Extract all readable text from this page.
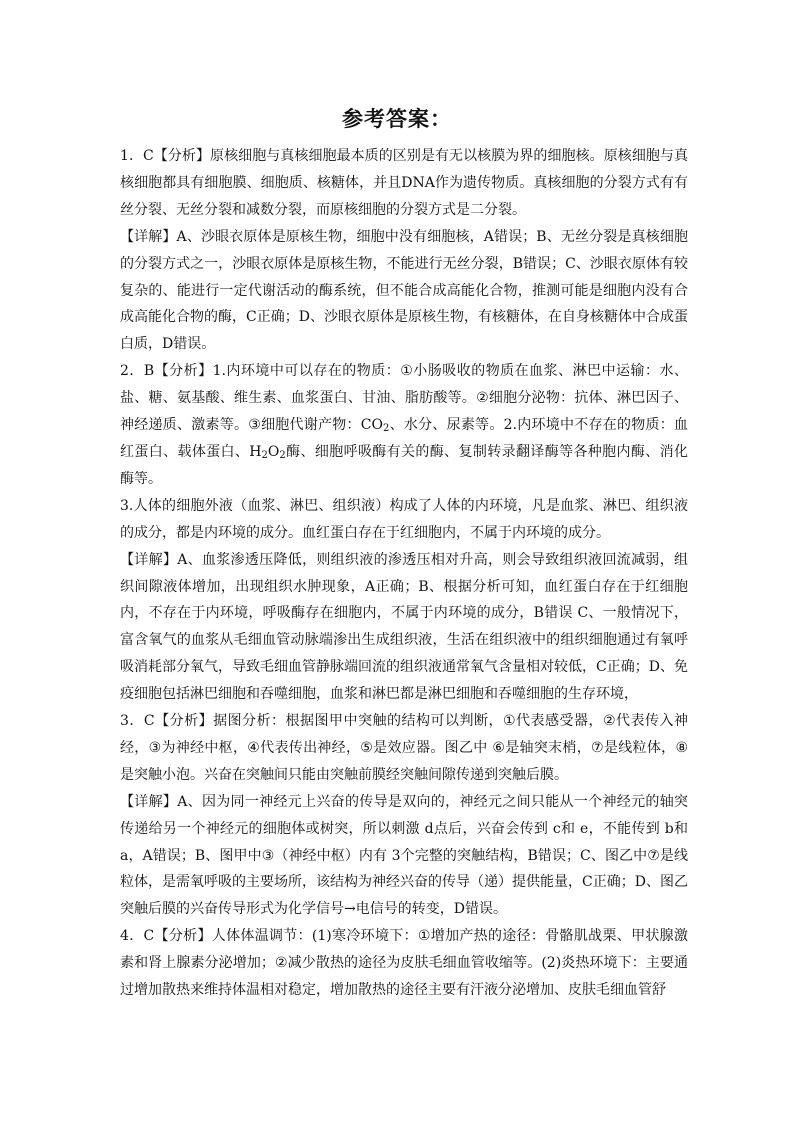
参考答案：

1．C【分析】原核细胞与真核细胞最本质的区别是有无以核膜为界的细胞核。原核细胞与真核细胞都具有细胞膜、细胞质、核糖体，并且DNA作为遗传物质。真核细胞的分裂方式有有丝分裂、无丝分裂和减数分裂，而原核细胞的分裂方式是二分裂。

【详解】A、沙眼衣原体是原核生物，细胞中没有细胞核，A错误；B、无丝分裂是真核细胞的分裂方式之一，沙眼衣原体是原核生物，不能进行无丝分裂，B错误；C、沙眼衣原体有较复杂的、能进行一定代谢活动的酶系统，但不能合成高能化合物，推测可能是细胞内没有合成高能化合物的酶，C正确；D、沙眼衣原体是原核生物，有核糖体，在自身核糖体中合成蛋白质，D错误。

2．B【分析】1.内环境中可以存在的物质：①小肠吸收的物质在血浆、淋巴中运输：水、盐、糖、氨基酸、维生素、血浆蛋白、甘油、脂肪酸等。②细胞分泌物：抗体、淋巴因子、神经递质、激素等。③细胞代谢产物：$CO_2$、水分、尿素等。2.内环境中不存在的物质：血红蛋白、载体蛋白、$H_2O_2$酶、细胞呼吸酶有关的酶、复制转录翻译酶等各种胞内酶、消化酶等。

3.人体的细胞外液（血浆、淋巴、组织液）构成了人体的内环境，凡是血浆、淋巴、组织液的成分，都是内环境的成分。血红蛋白存在于红细胞内，不属于内环境的成分。

【详解】A、血浆渗透压降低，则组织液的渗透压相对升高，则会导致组织液回流减弱，组织间隙液体增加，出现组织水肿现象，A正确；B、根据分析可知，血红蛋白存在于红细胞内，不存在于内环境，呼吸酶存在细胞内，不属于内环境的成分，B错误 C、一般情况下，富含氧气的血浆从毛细血管动脉端渗出生成组织液，生活在组织液中的组织细胞通过有氧呼吸消耗部分氧气，导致毛细血管静脉端回流的组织液通常氧气含量相对较低，C正确；D、免疫细胞包括淋巴细胞和吞噬细胞，血浆和淋巴都是淋巴细胞和吞噬细胞的生存环境，

3．C【分析】据图分析：根据图甲中突触的结构可以判断，①代表感受器，②代表传入神经，③为神经中枢，④代表传出神经，⑤是效应器。图乙中 ⑥是轴突末梢，⑦是线粒体，⑧是突触小泡。兴奋在突触间只能由突触前膜经突触间隙传递到突触后膜。

【详解】A、因为同一神经元上兴奋的传导是双向的，神经元之间只能从一个神经元的轴突传递给另一个神经元的细胞体或树突，所以刺激 d点后，兴奋会传到 c和 e，不能传到 b和a，A错误；B、图甲中③（神经中枢）内有 3个完整的突触结构，B错误；C、图乙中⑦是线粒体，是需氧呼吸的主要场所，该结构为神经兴奋的传导（递）提供能量，C正确；D、图乙突触后膜的兴奋传导形式为化学信号→电信号的转变，D错误。

4．C【分析】人体体温调节：(1)寒冷环境下：①增加产热的途径：骨骼肌战栗、甲状腺激素和肾上腺素分泌增加；②减少散热的途径为皮肤毛细血管收缩等。(2)炎热环境下：主要通过增加散热来维持体温相对稳定，增加散热的途径主要有汗液分泌增加、皮肤毛细血管舒
